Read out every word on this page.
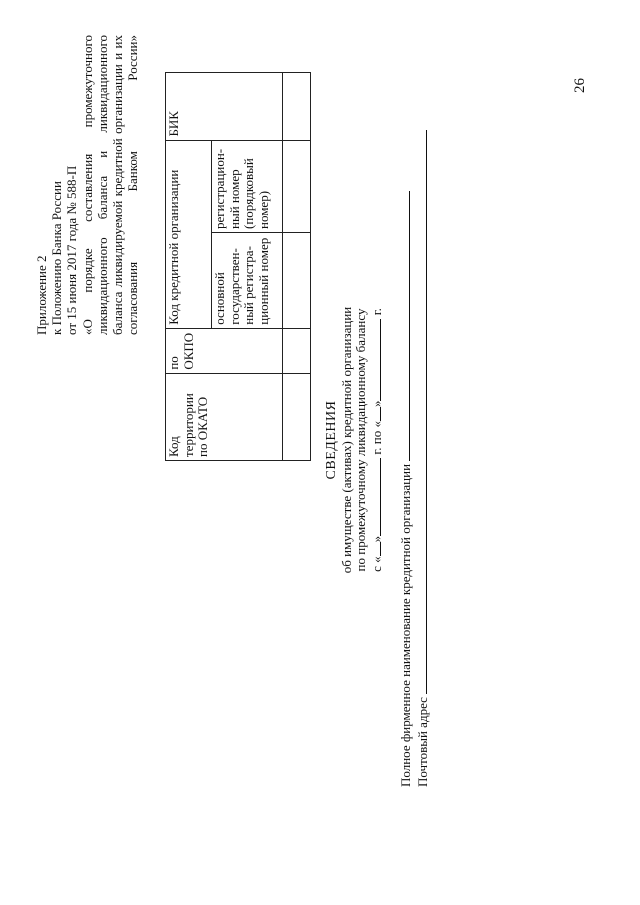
26
Приложение 2 к Положению Банка России от 15 июня 2017 года № 588-П «О порядке составления промежуточного ликвидационного баланса и ликвидационного баланса ликвидируемой кредитной организации и их согласования Банком России»
Код территории по ОКАТО	по ОКПО	Код кредитной организации		БИК
		основной государствен-ный регистра-ционный номер	регистрацион-ный номер (порядковый номер)	

СВЕДЕНИЯ об имуществе (активах) кредитной организации по промежуточному ликвидационному балансу с «» г. по «» г.
Полное фирменное наименование кредитной организации Почтовый адрес
